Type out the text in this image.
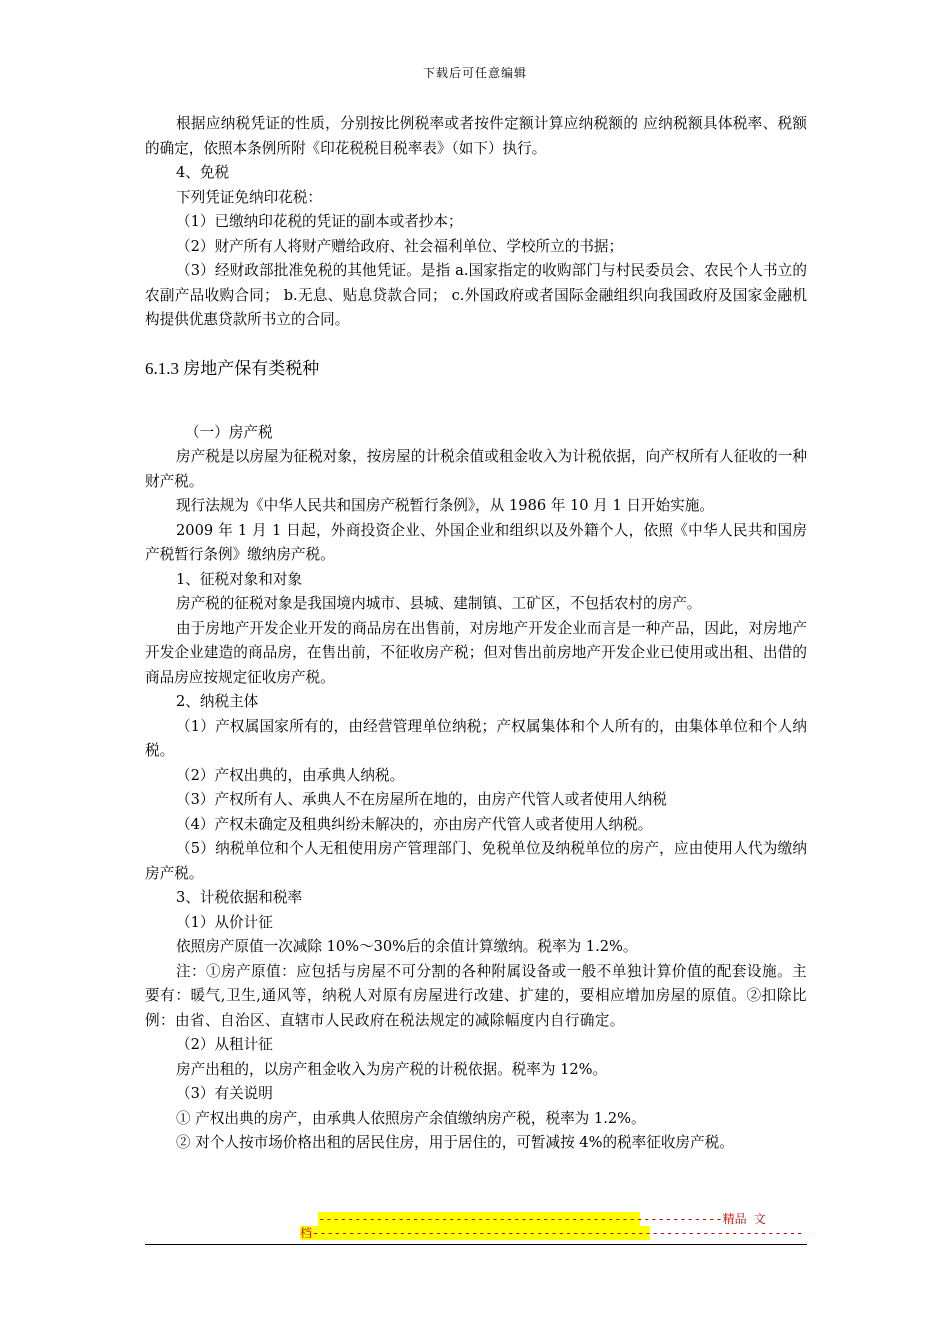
下载后可任意编辑

根据应纳税凭证的性质，分别按比例税率或者按件定额计算应纳税额的 应纳税额具体税率、税额的确定，依照本条例所附《印花税税目税率表》（如下）执行。

4、免税

下列凭证免纳印花税：

（1）已缴纳印花税的凭证的副本或者抄本；

（2）财产所有人将财产赠给政府、社会福利单位、学校所立的书据；

（3）经财政部批准免税的其他凭证。是指 a.国家指定的收购部门与村民委员会、农民个人书立的农副产品收购合同； b.无息、贴息贷款合同； c.外国政府或者国际金融组织向我国政府及国家金融机构提供优惠贷款所书立的合同。

6.1.3 房地产保有类税种

（一）房产税

房产税是以房屋为征税对象，按房屋的计税余值或租金收入为计税依据，向产权所有人征收的一种财产税。

现行法规为《中华人民共和国房产税暂行条例》，从 1986 年 10 月 1 日开始实施。

2009 年 1 月 1 日起，外商投资企业、外国企业和组织以及外籍个人，依照《中华人民共和国房产税暂行条例》缴纳房产税。

1、征税对象和对象

房产税的征税对象是我国境内城市、县城、建制镇、工矿区，不包括农村的房产。

由于房地产开发企业开发的商品房在出售前，对房地产开发企业而言是一种产品，因此，对房地产开发企业建造的商品房，在售出前，不征收房产税；但对售出前房地产开发企业已使用或出租、出借的商品房应按规定征收房产税。

2、纳税主体

（1）产权属国家所有的，由经营管理单位纳税；产权属集体和个人所有的，由集体单位和个人纳税。

（2）产权出典的，由承典人纳税。

（3）产权所有人、承典人不在房屋所在地的，由房产代管人或者使用人纳税

（4）产权未确定及租典纠纷未解决的，亦由房产代管人或者使用人纳税。

（5）纳税单位和个人无租使用房产管理部门、免税单位及纳税单位的房产，应由使用人代为缴纳房产税。

3、计税依据和税率

（1）从价计征

依照房产原值一次减除 10%～30%后的余值计算缴纳。税率为 1.2%。

注：①房产原值：应包括与房屋不可分割的各种附属设备或一般不单独计算价值的配套设施。主要有：暖气,卫生,通风等，纳税人对原有房屋进行改建、扩建的，要相应增加房屋的原值。②扣除比例：由省、自治区、直辖市人民政府在税法规定的减除幅度内自行确定。

（2）从租计征

房产出租的，以房产租金收入为房产税的计税依据。税率为 12%。

（3）有关说明

① 产权出典的房产，由承典人依照房产余值缴纳房产税，税率为 1.2%。

② 对个人按市场价格出租的居民住房，用于居住的，可暂减按 4%的税率征收房产税。

--------------------------------------------------------精品 文
档--------------------------------------------------------------------
